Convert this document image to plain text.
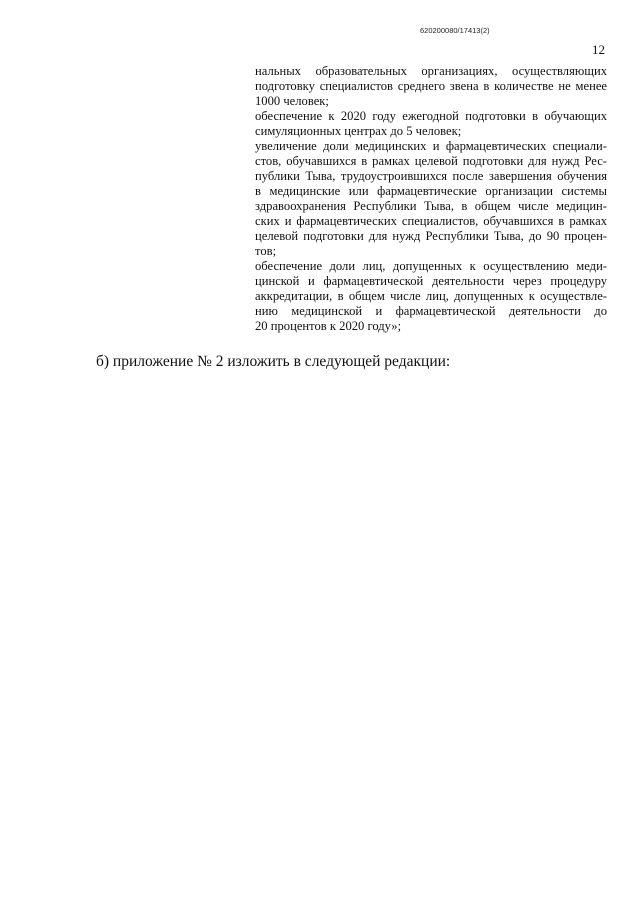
620200080/17413(2)
12
нальных образовательных организациях, осуществляющих
подготовку специалистов среднего звена в количестве не менее
1000 человек;
обеспечение к 2020 году ежегодной подготовки в обучающих
симуляционных центрах до 5 человек;
увеличение доли медицинских и фармацевтических специали-
стов, обучавшихся в рамках целевой подготовки для нужд Рес-
публики Тыва, трудоустроившихся после завершения обучения
в медицинские или фармацевтические организации системы
здравоохранения Республики Тыва, в общем числе медицин-
ских и фармацевтических специалистов, обучавшихся в рамках
целевой подготовки для нужд Республики Тыва, до 90 процен-
тов;
обеспечение доли лиц, допущенных к осуществлению меди-
цинской и фармацевтической деятельности через процедуру
аккредитации, в общем числе лиц, допущенных к осуществле-
нию медицинской и фармацевтической деятельности до
20 процентов к 2020 году»;
б) приложение № 2 изложить в следующей редакции:
